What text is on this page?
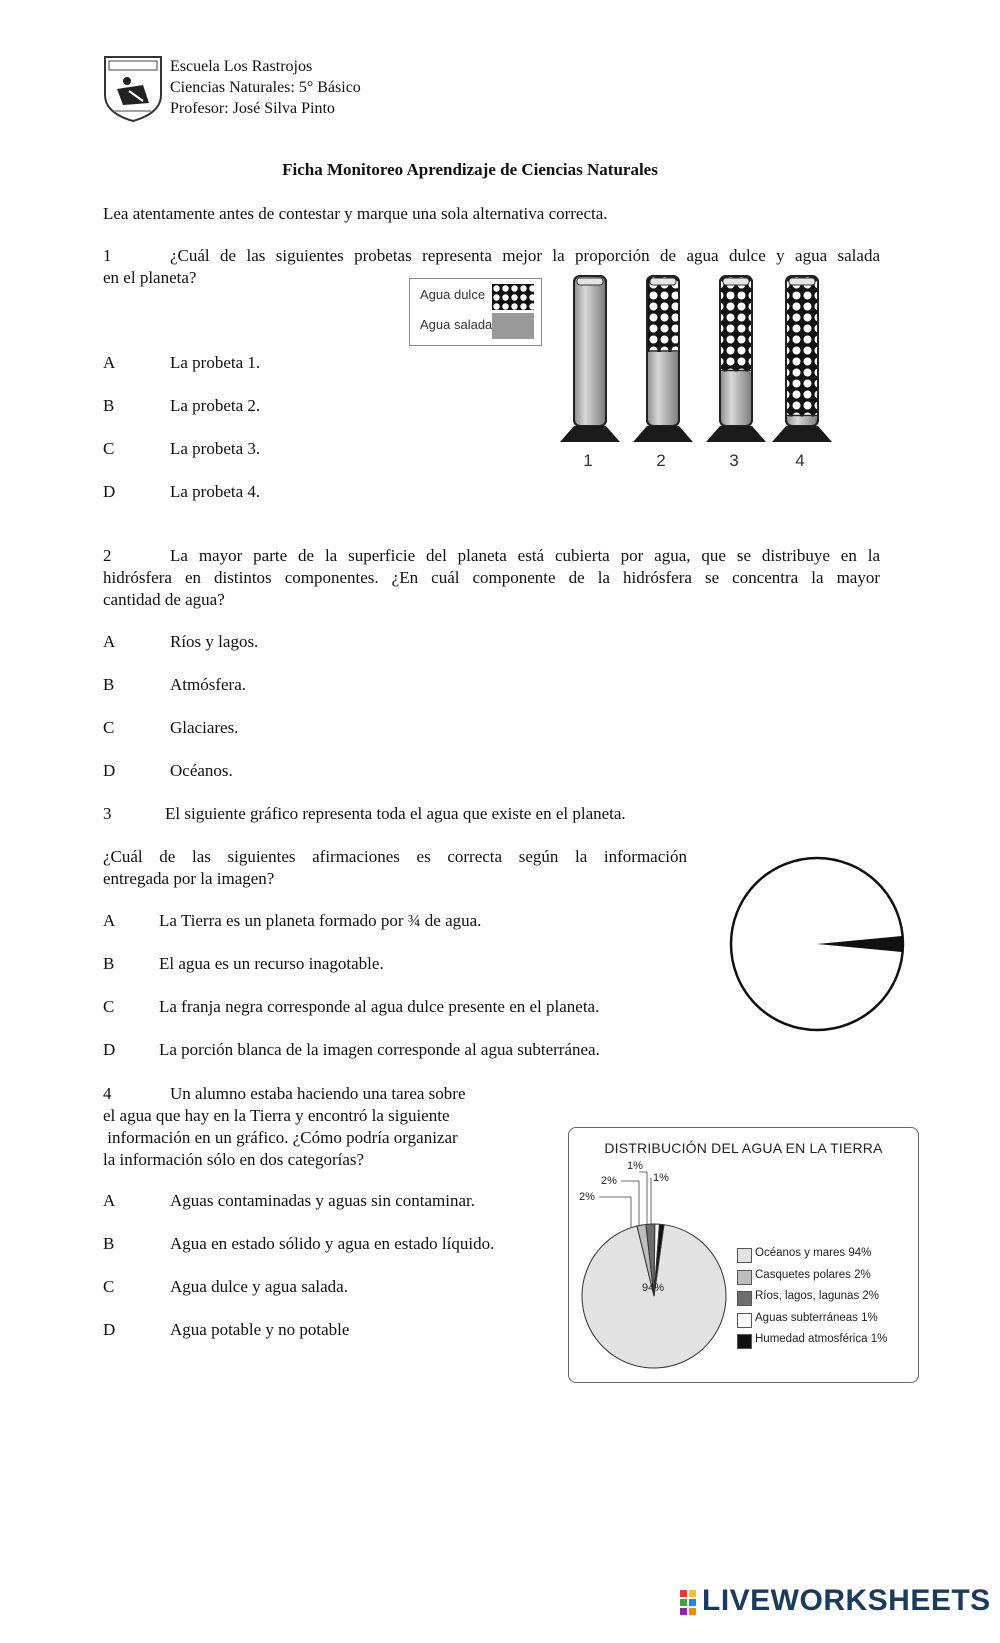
Escuela Los Rastrojos
Ciencias Naturales: 5° Básico
Profesor: José Silva Pinto
Ficha Monitoreo Aprendizaje de Ciencias Naturales
Lea atentamente antes de contestar y marque una sola alternativa correcta.
1	¿Cuál de las siguientes probetas representa mejor la proporción de agua dulce y agua salada
en el planeta?
Agua dulce
Agua salada
1	2	3	4
A	La probeta 1.
B	La probeta 2.
C	La probeta 3.
D	La probeta 4.
2	La mayor parte de la superficie del planeta está cubierta por agua, que se distribuye en la
hidrósfera en distintos componentes. ¿En cuál componente de la hidrósfera se concentra la mayor
cantidad de agua?
A	Ríos y lagos.
B	Atmósfera.
C	Glaciares.
D	Océanos.
3	El siguiente gráfico representa toda el agua que existe en el planeta.
¿Cuál de las siguientes afirmaciones es correcta según la información
entregada por la imagen?
A	La Tierra es un planeta formado por ¾ de agua.
B	El agua es un recurso inagotable.
C	La franja negra corresponde al agua dulce presente en el planeta.
D	La porción blanca de la imagen corresponde al agua subterránea.
4	Un alumno estaba haciendo una tarea sobre
el agua que hay en la Tierra y encontró la siguiente
información en un gráfico. ¿Cómo podría organizar
la información sólo en dos categorías?
A	Aguas contaminadas y aguas sin contaminar.
B	Agua en estado sólido y agua en estado líquido.
C	Agua dulce y agua salada.
D	Agua potable y no potable
DISTRIBUCIÓN DEL AGUA EN LA TIERRA
94%
2%
2%
1%
1%
Océanos y mares 94%
Casquetes polares 2%
Ríos, lagos, lagunas 2%
Aguas subterráneas 1%
Humedad atmosférica 1%
LIVEWORKSHEETS
